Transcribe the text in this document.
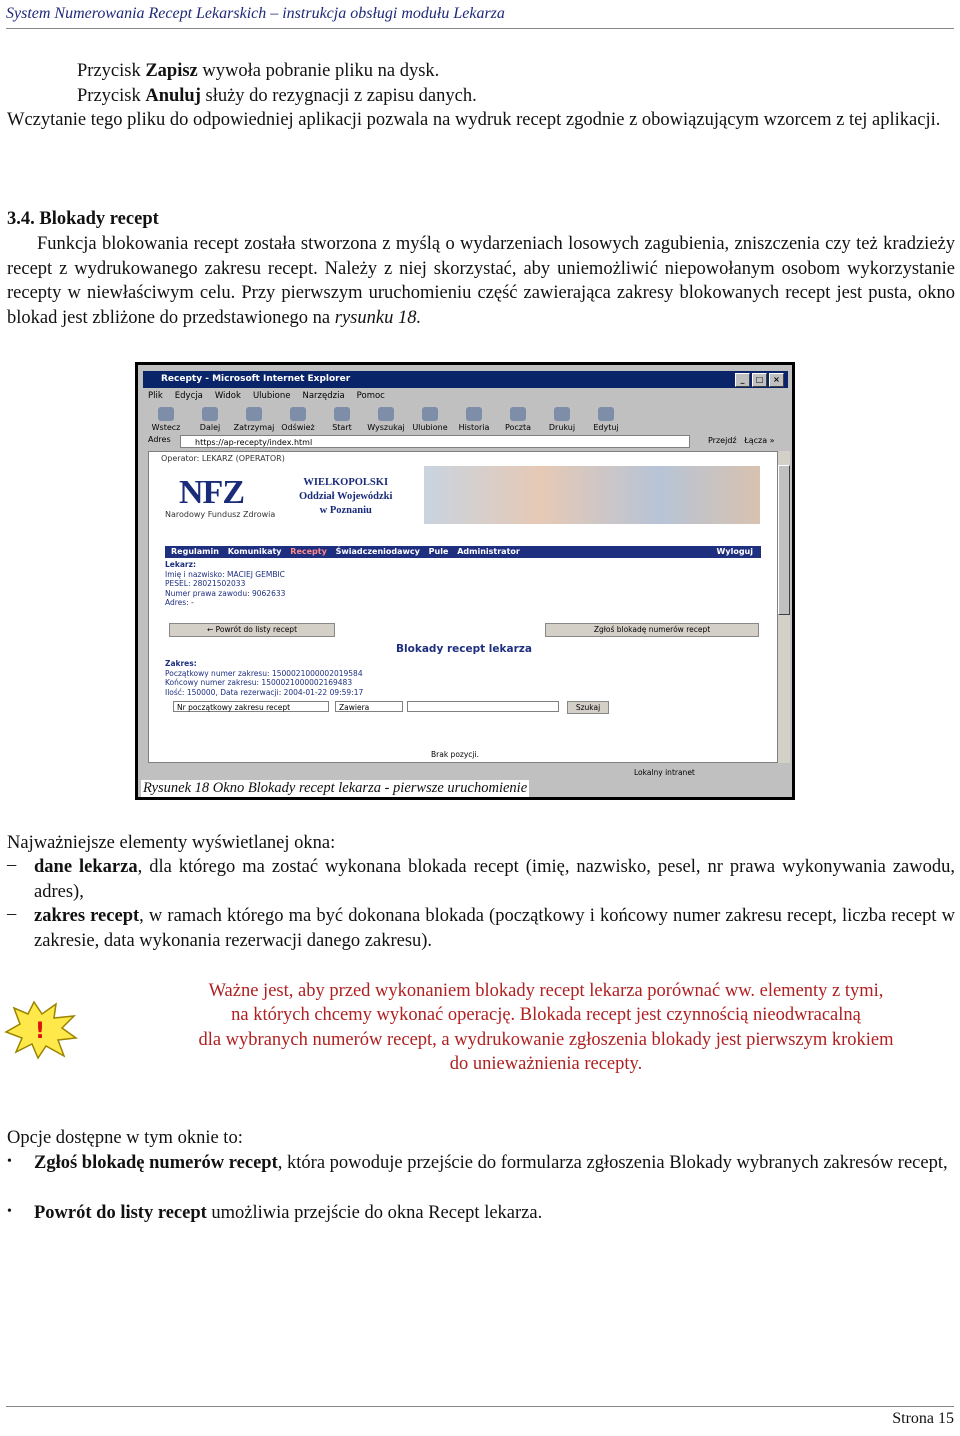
System Numerowania Recept Lekarskich – instrukcja obsługi modułu Lekarza
Przycisk Zapisz wywoła pobranie pliku na dysk.
Przycisk Anuluj służy do rezygnacji z zapisu danych.
Wczytanie tego pliku do odpowiedniej aplikacji pozwala na wydruk recept zgodnie z obowiązującym wzorcem z tej aplikacji.
3.4. Blokady recept
Funkcja blokowania recept została stworzona z myślą o wydarzeniach losowych zagubienia, zniszczenia czy też kradzieży recept z wydrukowanego zakresu recept. Należy z niej skorzystać, aby uniemożliwić niepowołanym osobom wykorzystanie recepty w niewłaściwym celu. Przy pierwszym uruchomieniu część zawierająca zakresy blokowanych recept jest pusta, okno blokad jest zbliżone do przedstawionego na rysunku 18.
Recepty - Microsoft Internet Explorer	_	□	×
Plik Edycja Widok Ulubione Narzędzia Pomoc
Wstecz Dalej Zatrzymaj Odśwież Start Wyszukaj Ulubione Historia Poczta Drukuj Edytuj
Adres	https://ap-recepty/index.html	Przejdź Łącza »
Operator: LEKARZ (OPERATOR)
NFZ
Narodowy Fundusz Zdrowia
WIELKOPOLSKI
Oddział Wojewódzki
w Poznaniu
Regulamin Komunikaty Recepty Świadczeniodawcy Pule Administrator	Wyloguj
Lekarz:
Imię i nazwisko: MACIEJ GEMBIC
PESEL: 28021502033
Numer prawa zawodu: 9062633
Adres: -
← Powrót do listy recept	Zgłoś blokadę numerów recept
Blokady recept lekarza
Zakres:
Początkowy numer zakresu: 1500021000002019584
Końcowy numer zakresu: 1500021000002169483
Ilość: 150000, Data rezerwacji: 2004-01-22 09:59:17
Nr początkowy zakresu recept	Zawiera	Szukaj
Brak pozycji.
Lokalny intranet
Rysunek 18 Okno Blokady recept lekarza - pierwsze uruchomienie
Najważniejsze elementy wyświetlanej okna:
– dane lekarza, dla którego ma zostać wykonana blokada recept (imię, nazwisko, pesel, nr prawa wykonywania zawodu, adres),
– zakres recept, w ramach którego ma być dokonana blokada (początkowy i końcowy numer zakresu recept, liczba recept w zakresie, data wykonania rezerwacji danego zakresu).
!
Ważne jest, aby przed wykonaniem blokady recept lekarza porównać ww. elementy z tymi,
na których chcemy wykonać operację. Blokada recept jest czynnością nieodwracalną
dla wybranych numerów recept, a wydrukowanie zgłoszenia blokady jest pierwszym krokiem
do unieważnienia recepty.
Opcje dostępne w tym oknie to:
• Zgłoś blokadę numerów recept, która powoduje przejście do formularza zgłoszenia Blokady wybranych zakresów recept,
• Powrót do listy recept umożliwia przejście do okna Recept lekarza.
Strona 15
